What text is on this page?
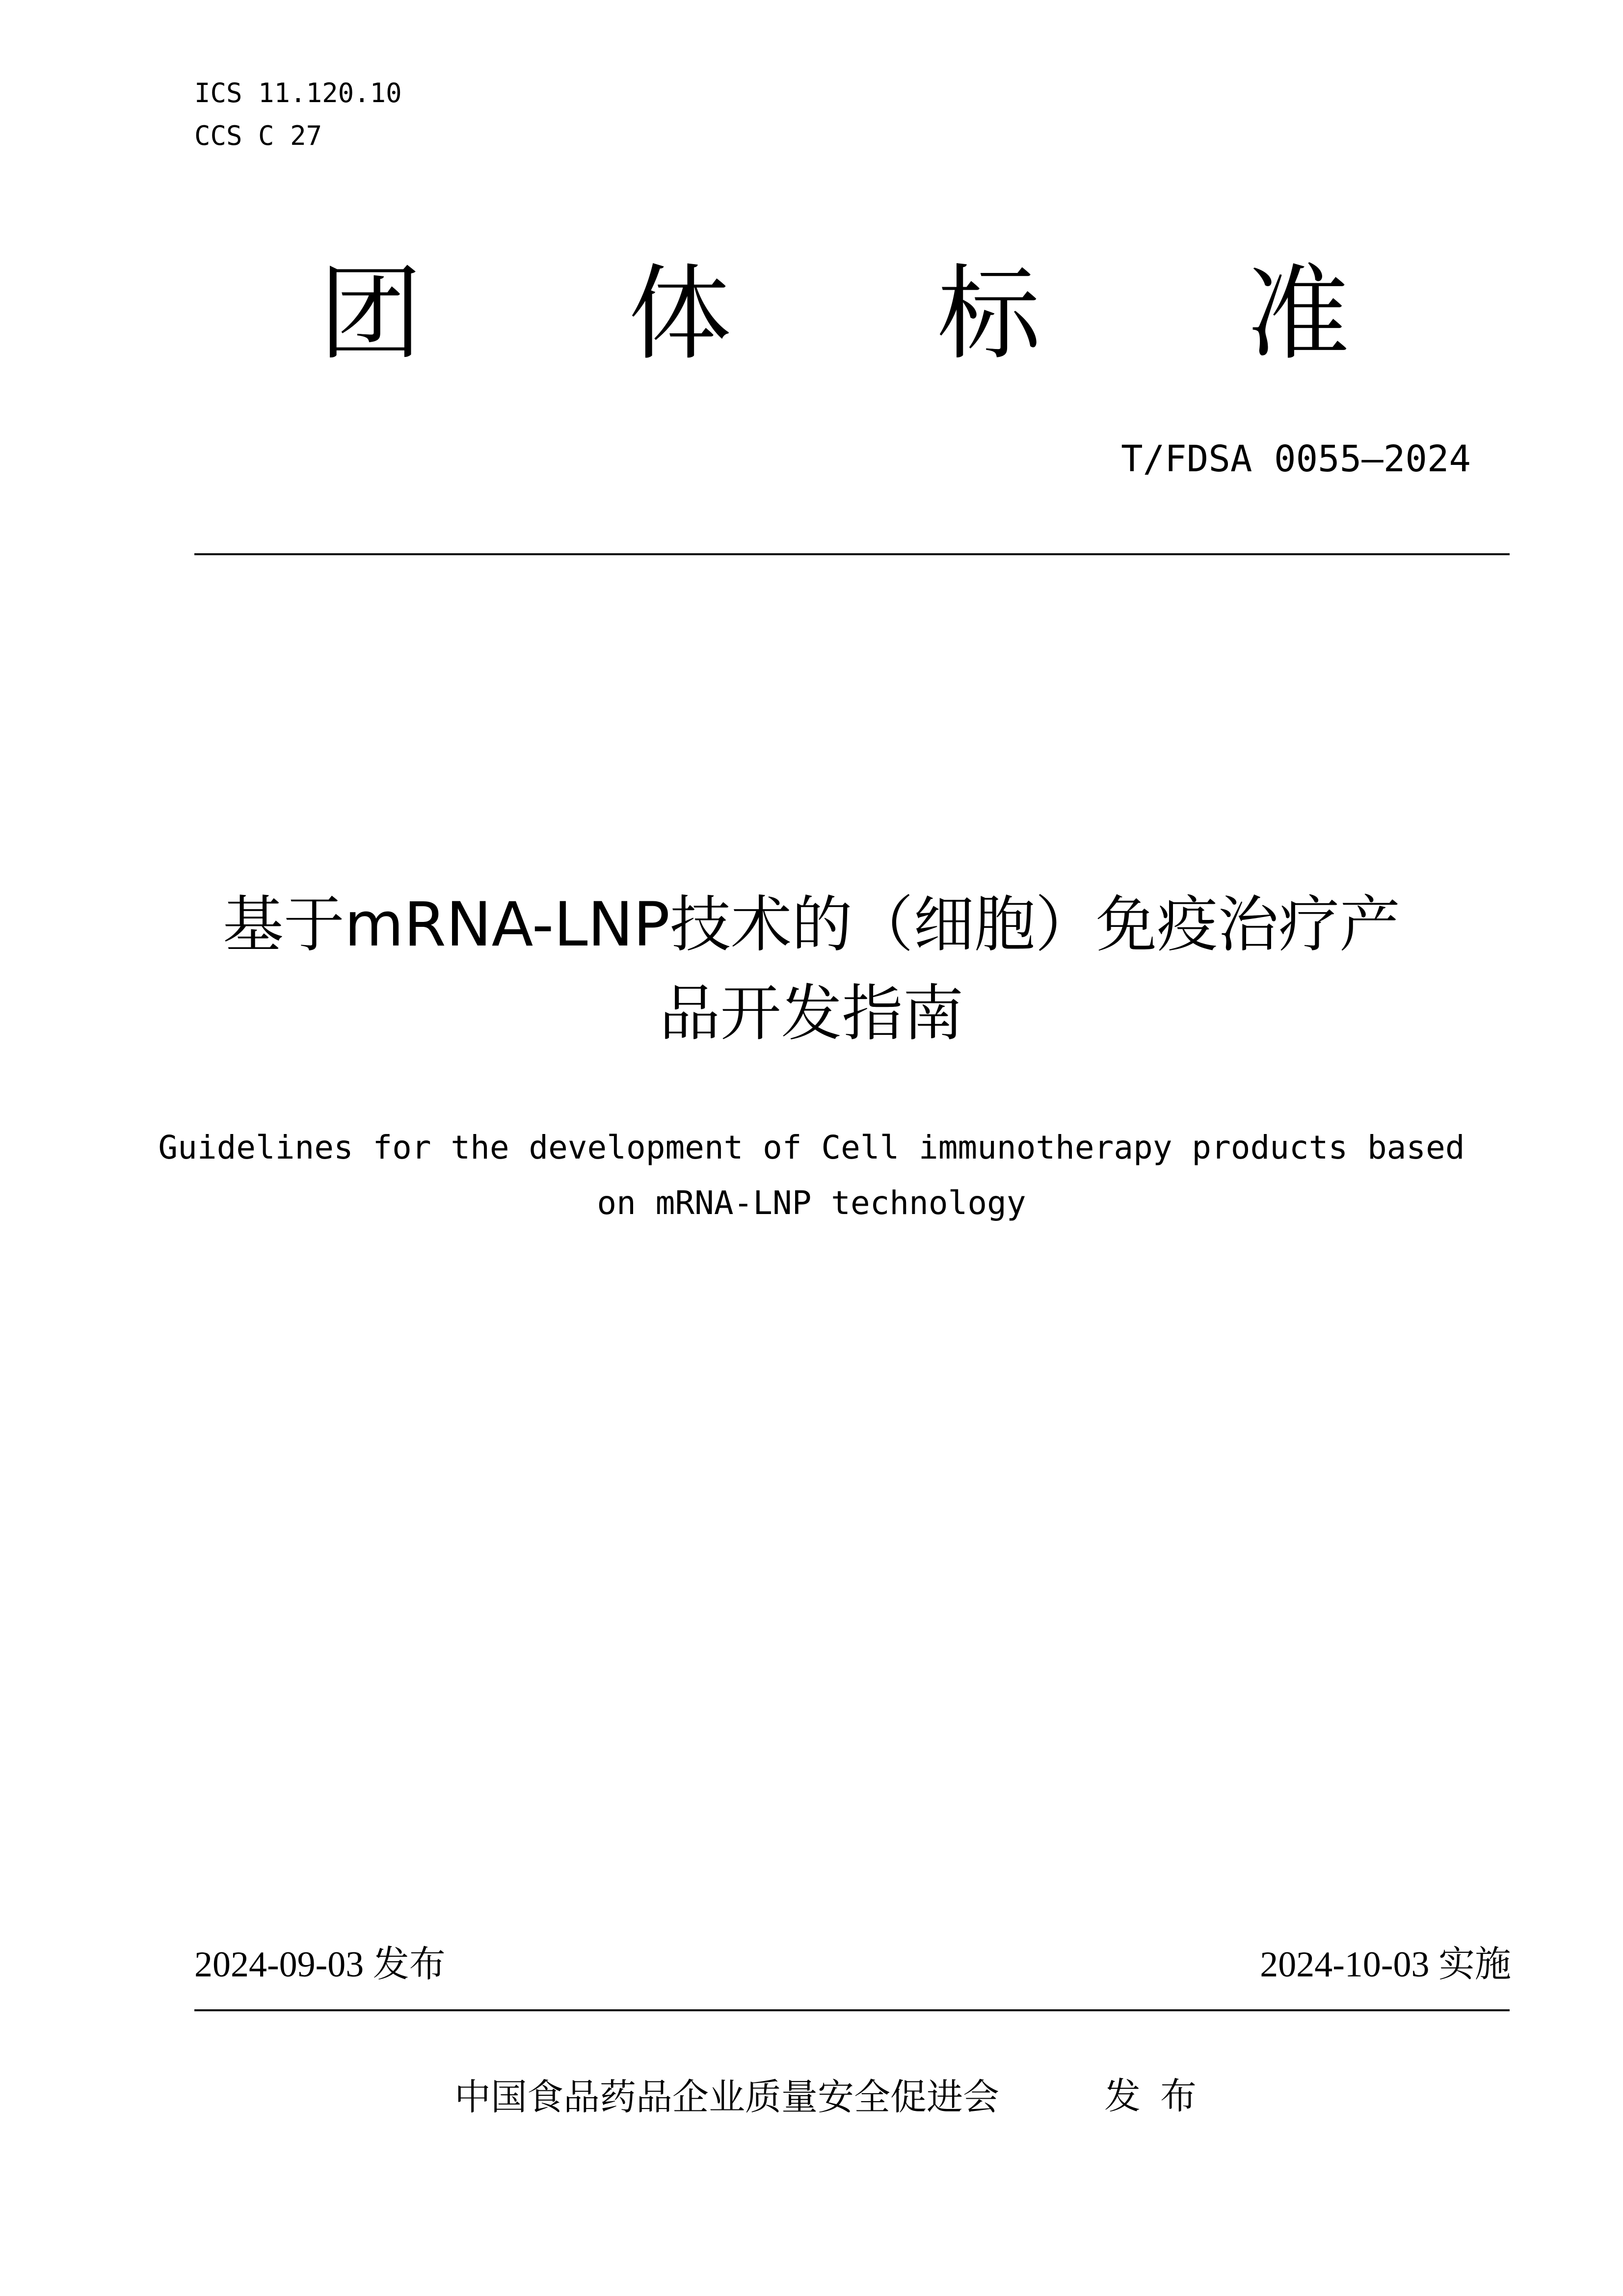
ICS 11.120.10
CCS C 27
团 体 标 准
T/FDSA 0055—2024
基于mRNA-LNP技术的（细胞）免疫治疗产
品开发指南
Guidelines for the development of Cell immunotherapy products based
on mRNA-LNP technology
2024-09-03 发布	2024-10-03 实施
中国食品药品企业质量安全促进会	发布
